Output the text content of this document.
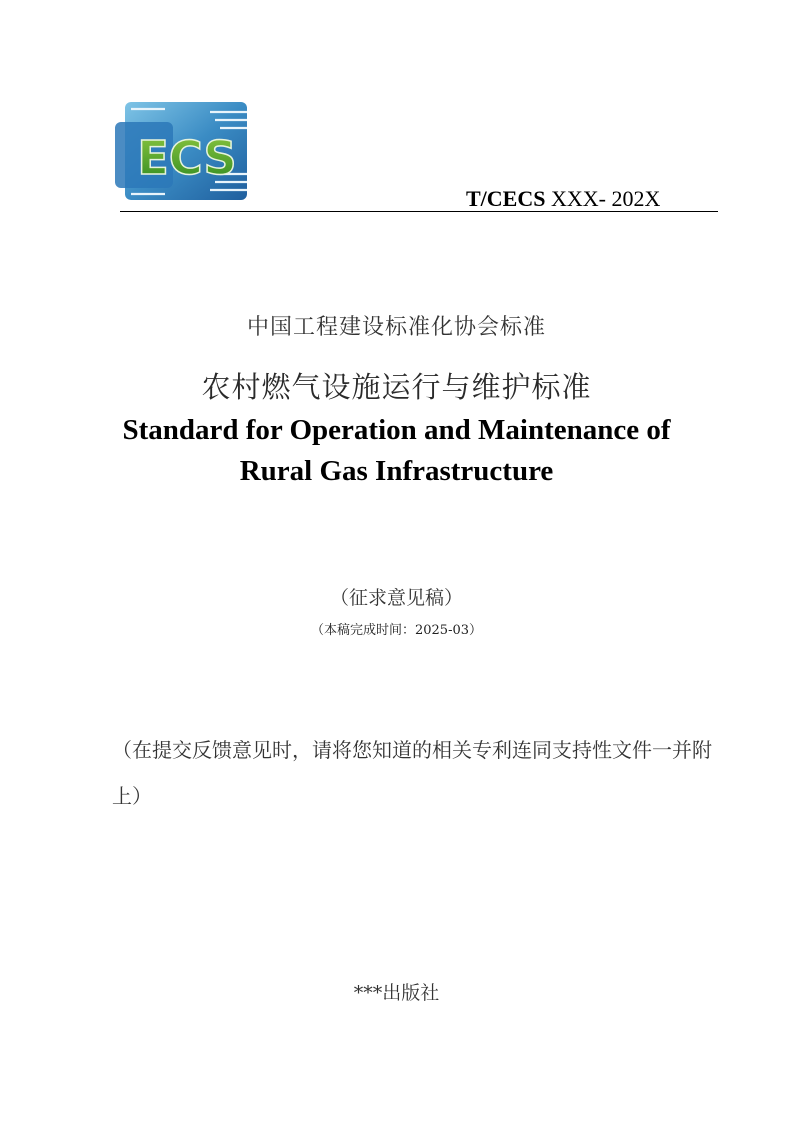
ECS
T/CECS XXX- 202X
中国工程建设标准化协会标准
农村燃气设施运行与维护标准
Standard for Operation and Maintenance of
Rural Gas Infrastructure
（征求意见稿）
（本稿完成时间：2025-03）
（在提交反馈意见时，请将您知道的相关专利连同支持性文件一并附上）
***出版社
